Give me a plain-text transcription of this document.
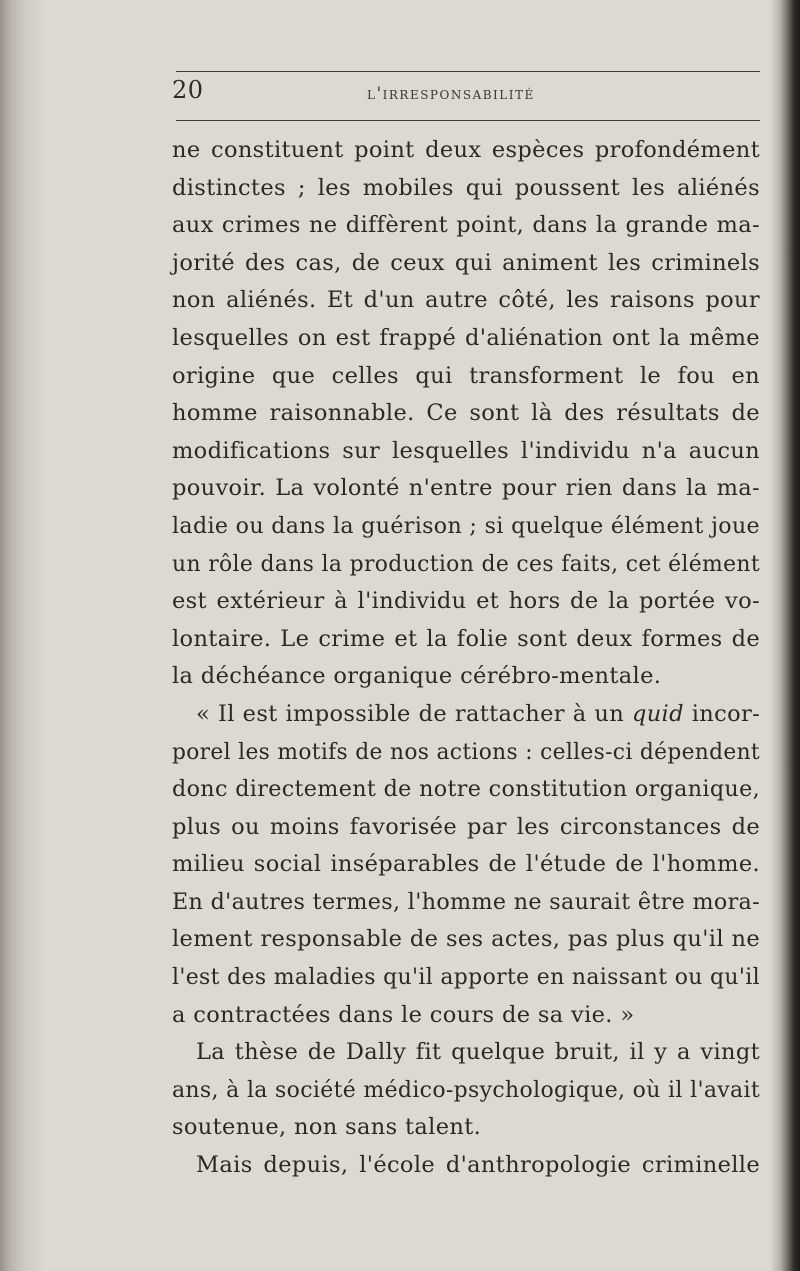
20	l'irresponsabilité
ne constituent point deux espèces profondément
distinctes ; les mobiles qui poussent les aliénés
aux crimes ne diffèrent point, dans la grande ma-
jorité des cas, de ceux qui animent les criminels
non aliénés. Et d'un autre côté, les raisons pour
lesquelles on est frappé d'aliénation ont la même
origine que celles qui transforment le fou en
homme raisonnable. Ce sont là des résultats de
modifications sur lesquelles l'individu n'a aucun
pouvoir. La volonté n'entre pour rien dans la ma-
ladie ou dans la guérison ; si quelque élément joue
un rôle dans la production de ces faits, cet élément
est extérieur à l'individu et hors de la portée vo-
lontaire. Le crime et la folie sont deux formes de
la déchéance organique cérébro-mentale.
« Il est impossible de rattacher à un quid incor-
porel les motifs de nos actions : celles-ci dépendent
donc directement de notre constitution organique,
plus ou moins favorisée par les circonstances de
milieu social inséparables de l'étude de l'homme.
En d'autres termes, l'homme ne saurait être mora-
lement responsable de ses actes, pas plus qu'il ne
l'est des maladies qu'il apporte en naissant ou qu'il
a contractées dans le cours de sa vie. »
La thèse de Dally fit quelque bruit, il y a vingt
ans, à la société médico-psychologique, où il l'avait
soutenue, non sans talent.
Mais depuis, l'école d'anthropologie criminelle
